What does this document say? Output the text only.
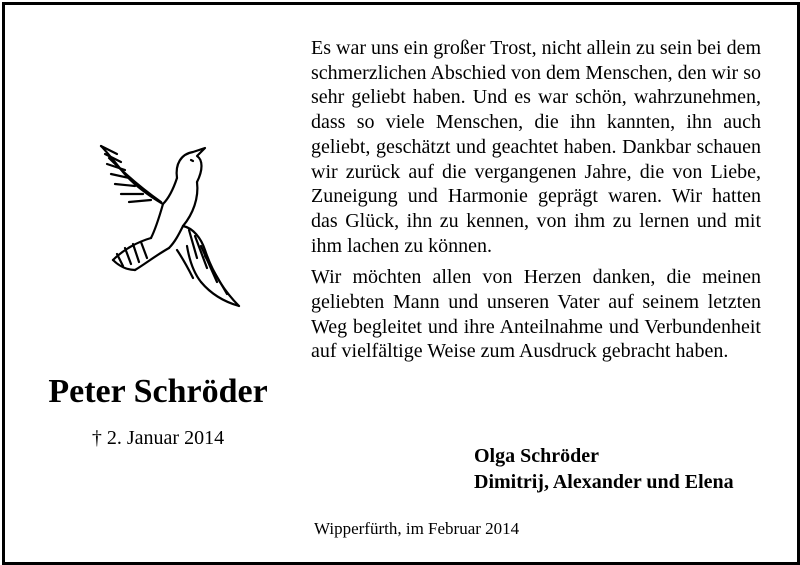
Peter Schröder
† 2. Januar 2014

Es war uns ein großer Trost, nicht allein zu sein bei dem schmerzlichen Abschied von dem Menschen, den wir so sehr geliebt haben. Und es war schön, wahrzunehmen, dass so viele Menschen, die ihn kannten, ihn auch geliebt, geschätzt und geachtet haben. Dankbar schauen wir zurück auf die vergangenen Jahre, die von Liebe, Zuneigung und Harmonie geprägt waren. Wir hatten das Glück, ihn zu kennen, von ihm zu lernen und mit ihm lachen zu können.

Wir möchten allen von Herzen danken, die meinen geliebten Mann und unseren Vater auf seinem letzten Weg begleitet und ihre Anteilnahme und Verbundenheit auf vielfältige Weise zum Ausdruck gebracht haben.

Olga Schröder
Dimitrij, Alexander und Elena
Wipperfürth, im Februar 2014
